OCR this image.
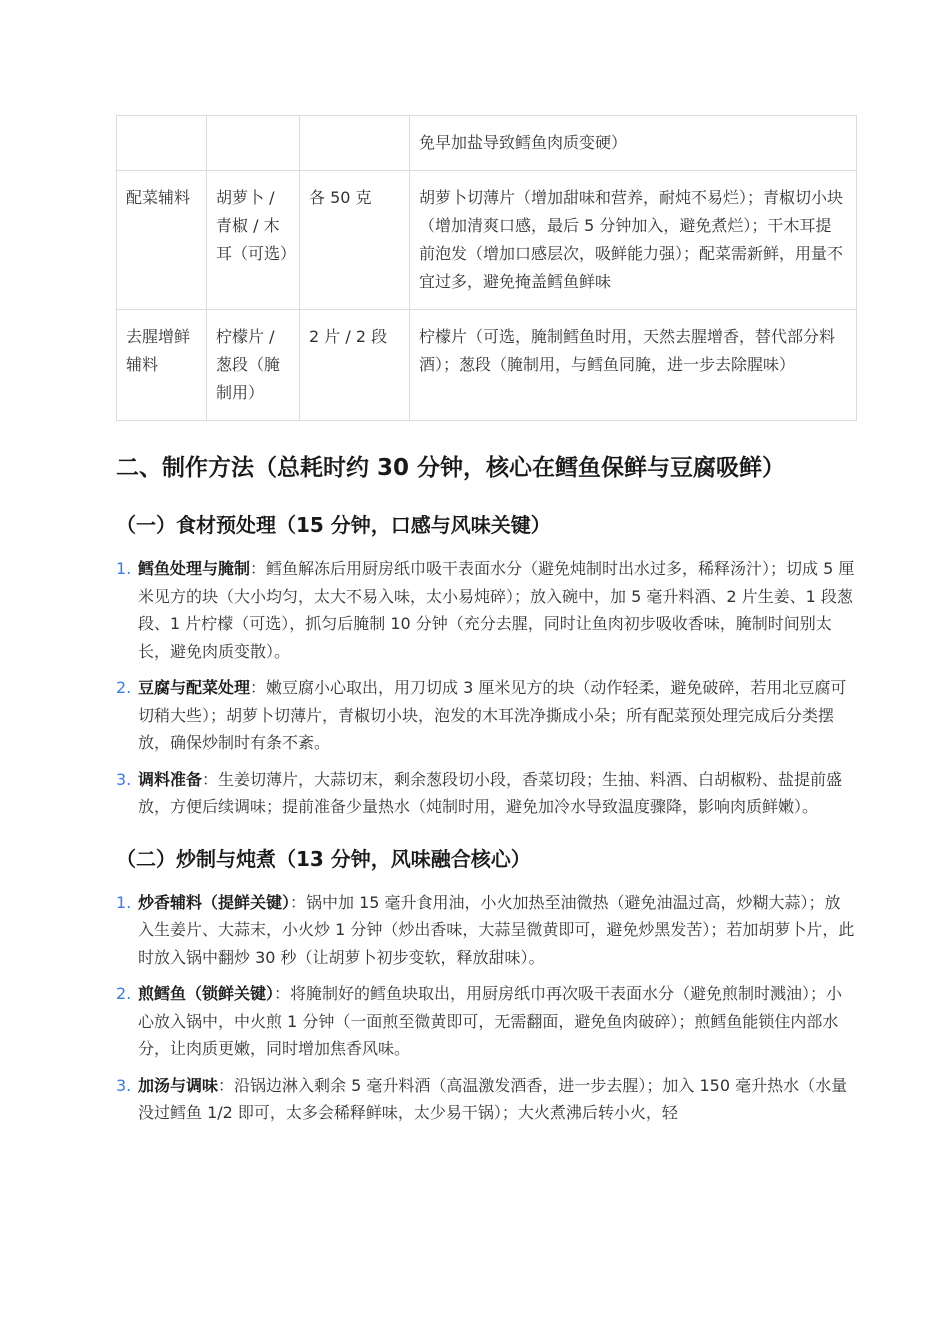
			免早加盐导致鳕鱼肉质变硬）
配菜辅料	胡萝卜 / 青椒 / 木耳（可选）	各 50 克	胡萝卜切薄片（增加甜味和营养，耐炖不易烂）；青椒切小块（增加清爽口感，最后 5 分钟加入，避免煮烂）；干木耳提前泡发（增加口感层次，吸鲜能力强）；配菜需新鲜，用量不宜过多，避免掩盖鳕鱼鲜味
去腥增鲜辅料	柠檬片 / 葱段（腌制用）	2 片 / 2 段	柠檬片（可选，腌制鳕鱼时用，天然去腥增香，替代部分料酒）；葱段（腌制用，与鳕鱼同腌，进一步去除腥味）
二、制作方法（总耗时约 30 分钟，核心在鳕鱼保鲜与豆腐吸鲜）
（一）食材预处理（15 分钟，口感与风味关键）
1. 鳕鱼处理与腌制：鳕鱼解冻后用厨房纸巾吸干表面水分（避免炖制时出水过多，稀释汤汁）；切成 5 厘米见方的块（大小均匀，太大不易入味，太小易炖碎）；放入碗中，加 5 毫升料酒、2 片生姜、1 段葱段、1 片柠檬（可选），抓匀后腌制 10 分钟（充分去腥，同时让鱼肉初步吸收香味，腌制时间别太长，避免肉质变散）。
2. 豆腐与配菜处理：嫩豆腐小心取出，用刀切成 3 厘米见方的块（动作轻柔，避免破碎，若用北豆腐可切稍大些）；胡萝卜切薄片，青椒切小块，泡发的木耳洗净撕成小朵；所有配菜预处理完成后分类摆放，确保炒制时有条不紊。
3. 调料准备：生姜切薄片，大蒜切末，剩余葱段切小段，香菜切段；生抽、料酒、白胡椒粉、盐提前盛放，方便后续调味；提前准备少量热水（炖制时用，避免加冷水导致温度骤降，影响肉质鲜嫩）。
（二）炒制与炖煮（13 分钟，风味融合核心）
1. 炒香辅料（提鲜关键）：锅中加 15 毫升食用油，小火加热至油微热（避免油温过高，炒糊大蒜）；放入生姜片、大蒜末，小火炒 1 分钟（炒出香味，大蒜呈微黄即可，避免炒黑发苦）；若加胡萝卜片，此时放入锅中翻炒 30 秒（让胡萝卜初步变软，释放甜味）。
2. 煎鳕鱼（锁鲜关键）：将腌制好的鳕鱼块取出，用厨房纸巾再次吸干表面水分（避免煎制时溅油）；小心放入锅中，中火煎 1 分钟（一面煎至微黄即可，无需翻面，避免鱼肉破碎）；煎鳕鱼能锁住内部水分，让肉质更嫩，同时增加焦香风味。
3. 加汤与调味：沿锅边淋入剩余 5 毫升料酒（高温激发酒香，进一步去腥）；加入 150 毫升热水（水量没过鳕鱼 1/2 即可，太多会稀释鲜味，太少易干锅）；大火煮沸后转小火，轻
